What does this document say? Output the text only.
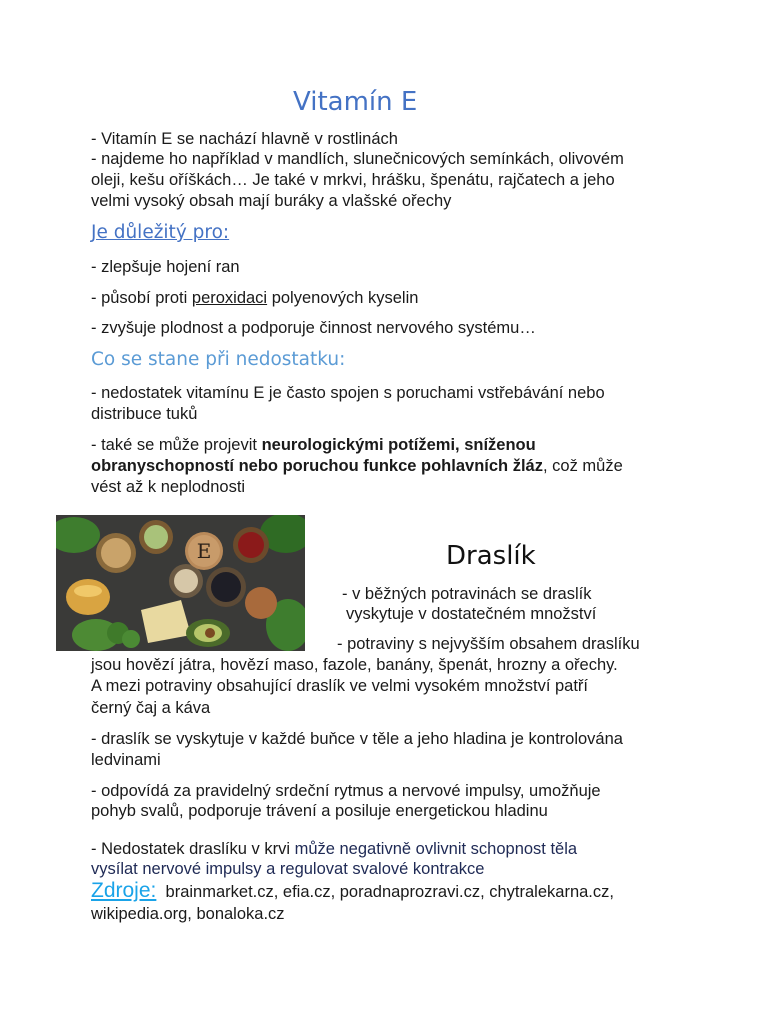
Vitamín E
- Vitamín E se nachází hlavně v rostlinách
- najdeme ho například v mandlích, slunečnicových semínkách, olivovém
oleji, kešu oříškách… Je také v mrkvi, hrášku, špenátu, rajčatech a jeho
velmi vysoký obsah mají buráky a vlašské ořechy
Je důležitý pro:
- zlepšuje hojení ran
- působí proti peroxidaci polyenových kyselin
- zvyšuje plodnost a podporuje činnost nervového systému…
Co se stane při nedostatku:
- nedostatek vitamínu E je často spojen s poruchami vstřebávání nebo
distribuce tuků
- také se může projevit neurologickými potížemi, sníženou
obranyschopností nebo poruchou funkce pohlavních žláz, což může
vést až k neplodnosti
E	Draslík
- v běžných potravinách se draslík
vyskytuje v dostatečném množství
- potraviny s nejvyšším obsahem draslíku
jsou hovězí játra, hovězí maso, fazole, banány, špenát, hrozny a ořechy.
A mezi potraviny obsahující draslík ve velmi vysokém množství patří
černý čaj a káva
- draslík se vyskytuje v každé buňce v těle a jeho hladina je kontrolována
ledvinami
- odpovídá za pravidelný srdeční rytmus a nervové impulsy, umožňuje
pohyb svalů, podporuje trávení a posiluje energetickou hladinu
- Nedostatek draslíku v krvi může negativně ovlivnit schopnost těla
vysílat nervové impulsy a regulovat svalové kontrakce
Zdroje: brainmarket.cz, efia.cz, poradnaprozravi.cz, chytralekarna.cz,
wikipedia.org, bonaloka.cz
